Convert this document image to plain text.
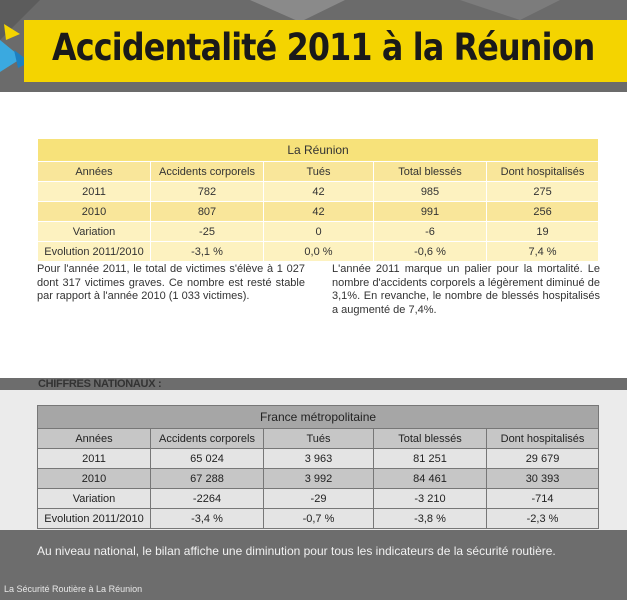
Accidentalité 2011 à la Réunion
La Réunion				
Années	Accidents corporels	Tués	Total blessés	Dont hospitalisés
2011	782	42	985	275
2010	807	42	991	256
Variation	-25	0	-6	19
Evolution 2011/2010	-3,1 %	0,0 %	-0,6 %	7,4 %

Pour l'année 2011, le total de victimes s'élève à 1 027 dont 317 victimes graves. Ce nombre est resté stable par rapport à l'année 2010 (1 033 victimes).

L'année 2011 marque un palier pour la mortalité. Le nombre d'accidents corporels a légèrement diminué de 3,1%. En revanche, le nombre de blessés hospitalisés a augmenté de 7,4%.

CHIFFRES NATIONAUX :

France métropolitaine				
Années	Accidents corporels	Tués	Total blessés	Dont hospitalisés
2011	65 024	3 963	81 251	29 679
2010	67 288	3 992	84 461	30 393
Variation	-2264	-29	-3 210	-714
Evolution 2011/2010	-3,4 %	-0,7 %	-3,8 %	-2,3 %

Au niveau national, le bilan affiche une diminution pour tous les indicateurs de la sécurité routière.

La Sécurité Routière à La Réunion
